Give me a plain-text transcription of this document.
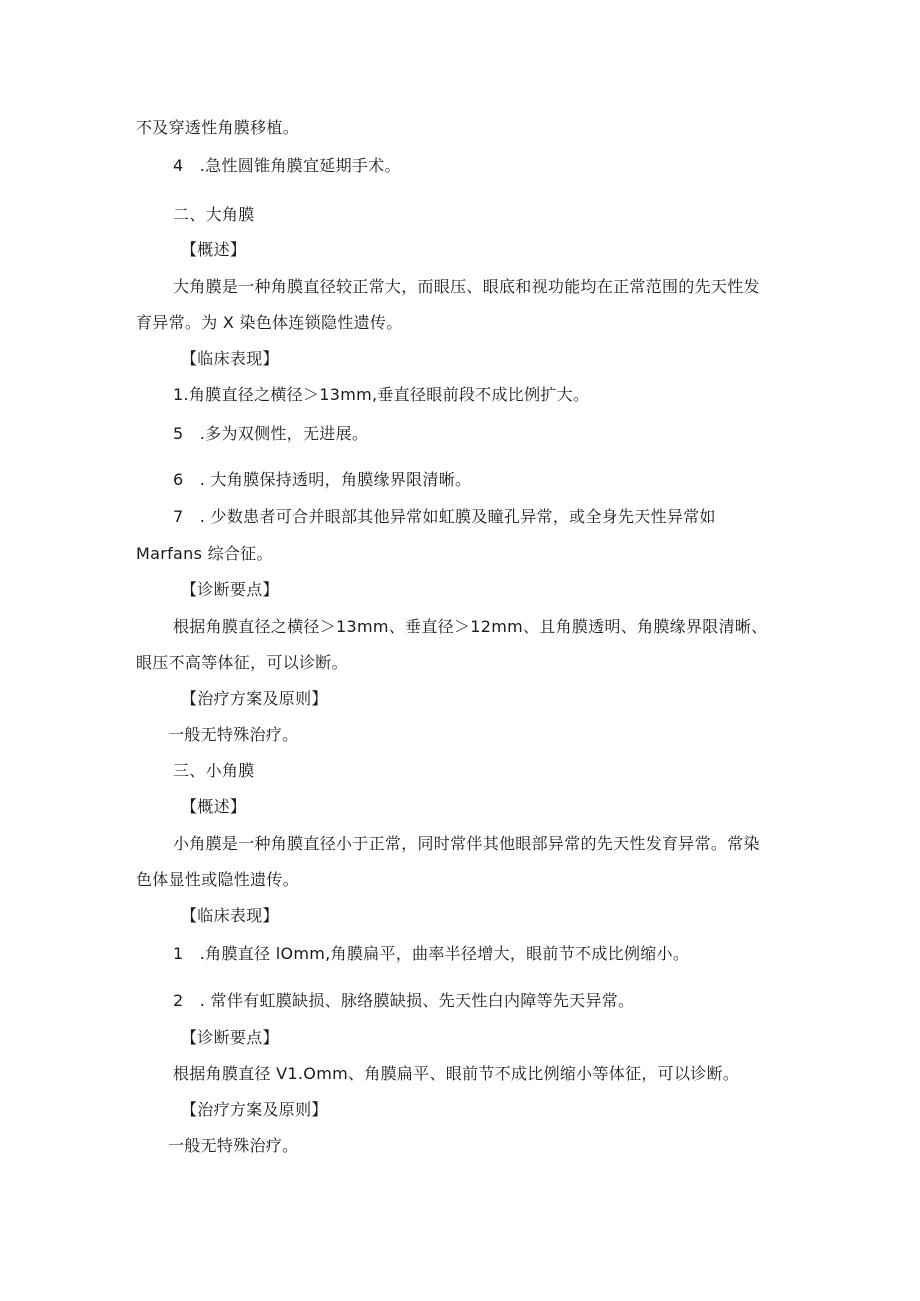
不及穿透性角膜移植。
4　.急性圆锥角膜宜延期手术。
二、大角膜
【概述】
大角膜是一种角膜直径较正常大，而眼压、眼底和视功能均在正常范围的先天性发
育异常。为 X 染色体连锁隐性遗传。
【临床表现】
1.角膜直径之横径＞13mm,垂直径眼前段不成比例扩大。
5　.多为双侧性，无进展。
6　. 大角膜保持透明，角膜缘界限清晰。
7　. 少数患者可合并眼部其他异常如虹膜及瞳孔异常，或全身先天性异常如
Marfans 综合征。
【诊断要点】
根据角膜直径之横径＞13mm、垂直径＞12mm、且角膜透明、角膜缘界限清晰、
眼压不高等体征，可以诊断。
【治疗方案及原则】
一般无特殊治疗。
三、小角膜
【概述】
小角膜是一种角膜直径小于正常，同时常伴其他眼部异常的先天性发育异常。常染
色体显性或隐性遗传。
【临床表现】
1　.角膜直径 lOmm,角膜扁平，曲率半径增大，眼前节不成比例缩小。
2　. 常伴有虹膜缺损、脉络膜缺损、先天性白内障等先天异常。
【诊断要点】
根据角膜直径 V1.Omm、角膜扁平、眼前节不成比例缩小等体征，可以诊断。
【治疗方案及原则】
一般无特殊治疗。
